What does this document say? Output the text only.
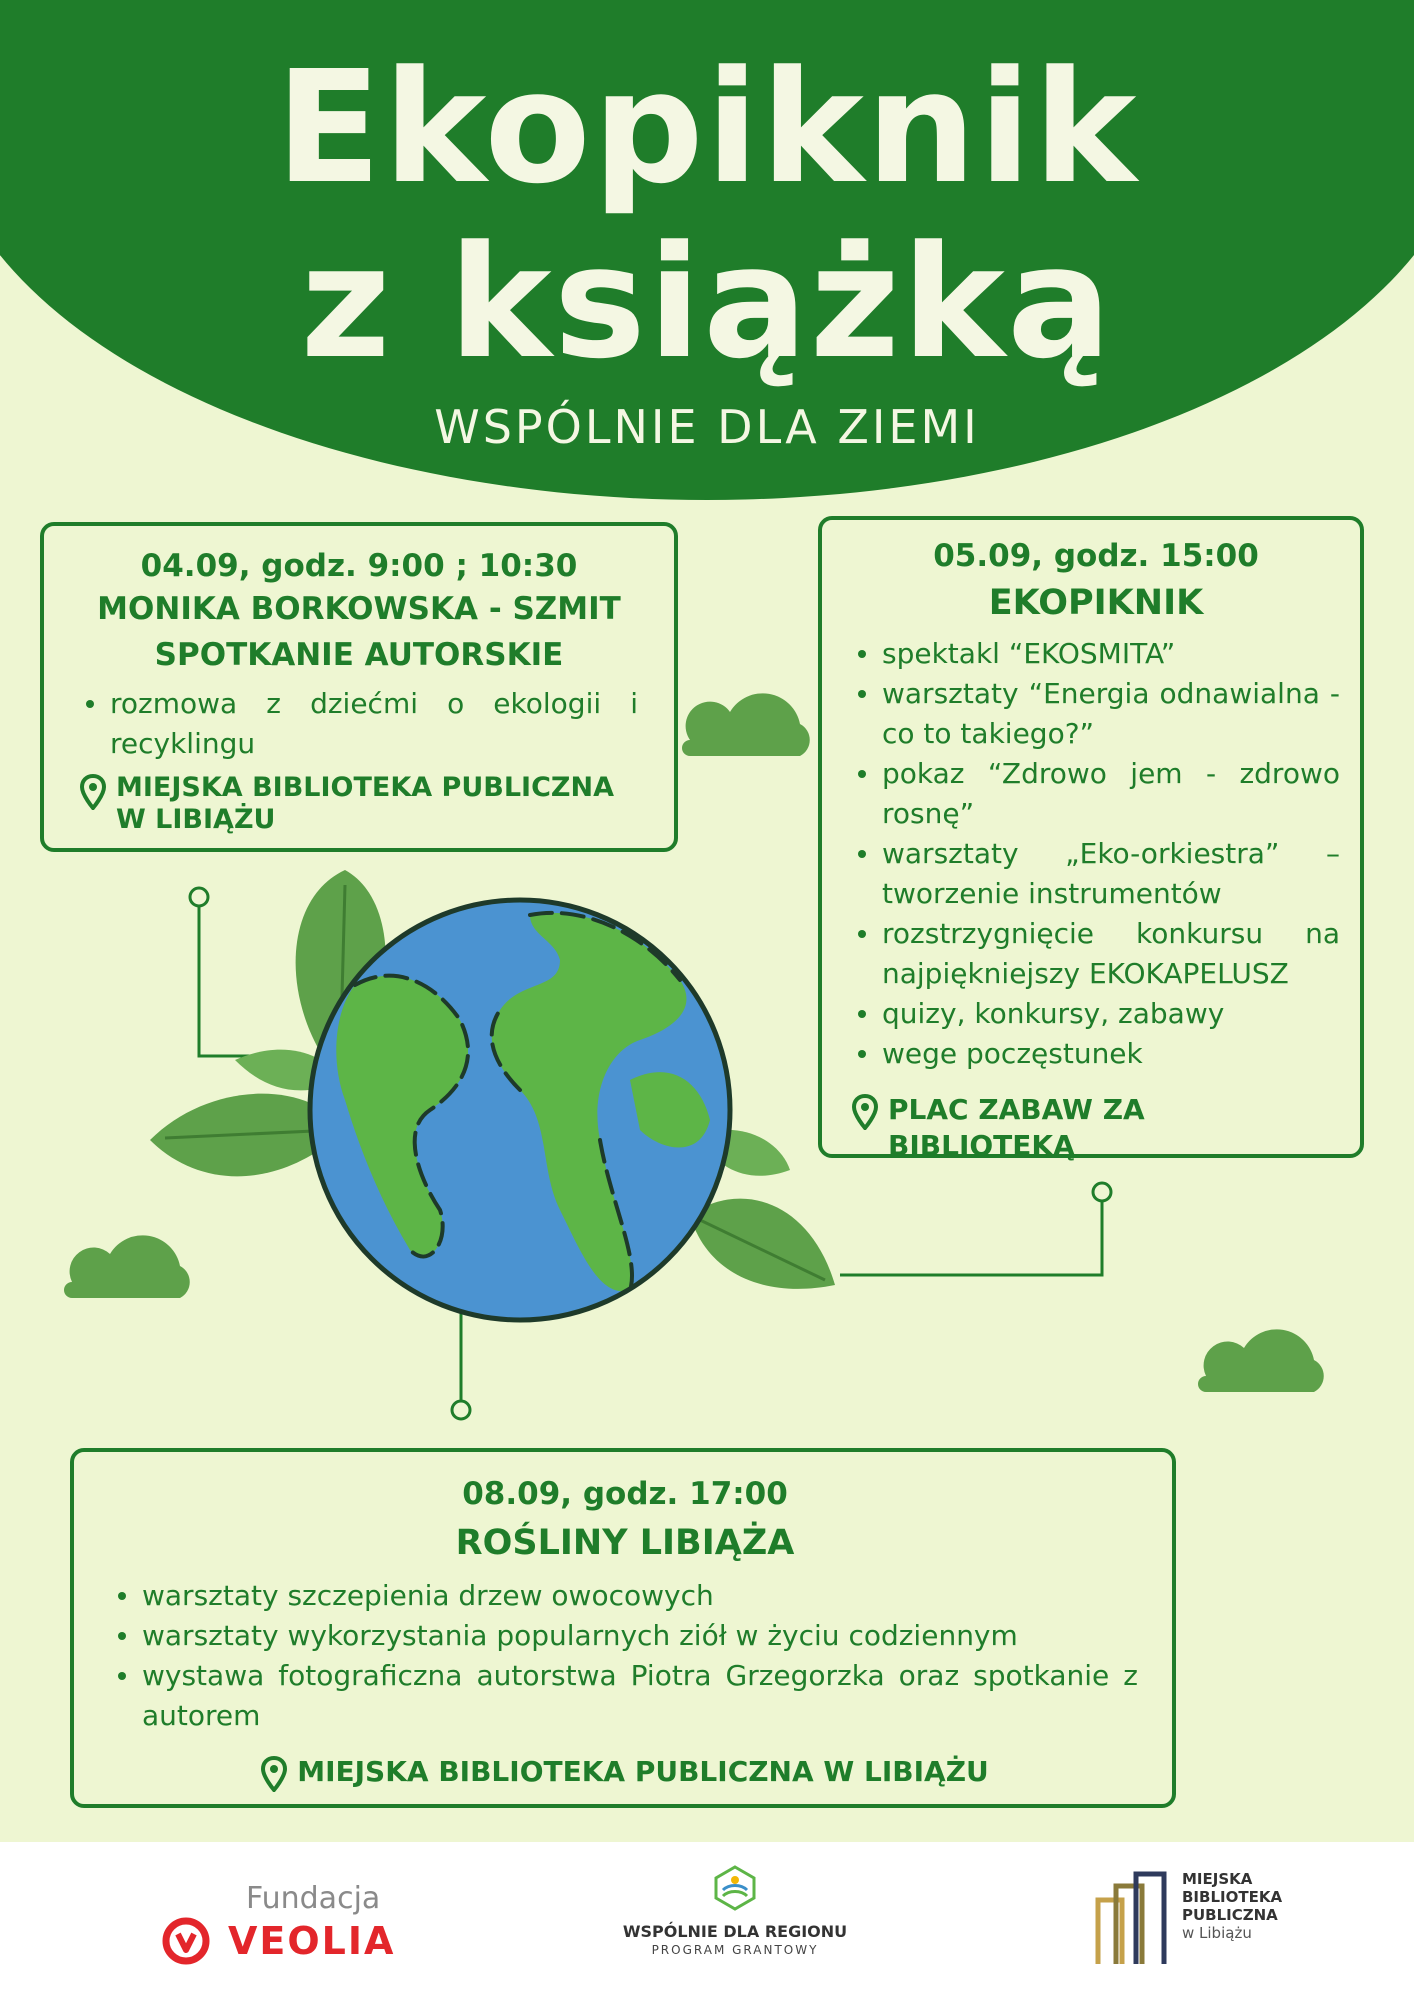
Ekopiknik
z książką
WSPÓLNIE DLA ZIEMI
04.09, godz. 9:00 ; 10:30
MONIKA BORKOWSKA - SZMIT
SPOTKANIE AUTORSKIE
rozmowa z dziećmi o ekologii i recyklingu
MIEJSKA BIBLIOTEKA PUBLICZNA W LIBIĄŻU
05.09, godz. 15:00
EKOPIKNIK
spektakl “EKOSMITA”
warsztaty “Energia odnawialna - co to takiego?”
pokaz “Zdrowo jem - zdrowo rosnę”
warsztaty „Eko-orkiestra” – tworzenie instrumentów
rozstrzygnięcie konkursu na najpiękniejszy EKOKAPELUSZ
quizy, konkursy, zabawy
wege poczęstunek
PLAC ZABAW ZA BIBLIOTEKĄ
08.09, godz. 17:00
ROŚLINY LIBIĄŻA
warsztaty szczepienia drzew owocowych
warsztaty wykorzystania popularnych ziół w życiu codziennym
wystawa fotograficzna autorstwa Piotra Grzegorzka oraz spotkanie z autorem
MIEJSKA BIBLIOTEKA PUBLICZNA W LIBIĄŻU
Fundacja
VEOLIA	WSPÓLNIE DLA REGIONU
PROGRAM GRANTOWY
MIEJSKA
BIBLIOTEKA
PUBLICZNA
w Libiążu
